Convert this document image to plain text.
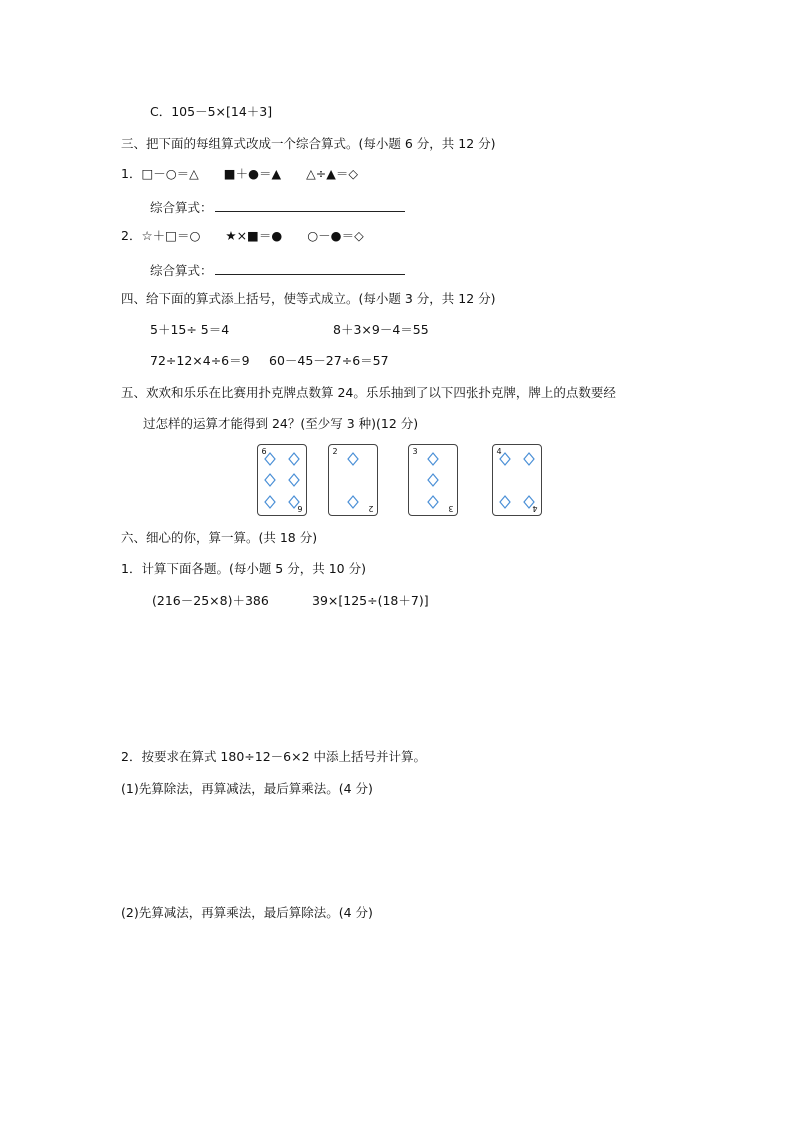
C．105－5×[14＋3]
三、把下面的每组算式改成一个综合算式。(每小题 6 分，共 12 分)
1．□－○＝△　　■＋●＝▲　　△÷▲＝◇
综合算式：
2．☆＋□＝○　　★×■＝●　　○－●＝◇
综合算式：
四、给下面的算式添上括号，使等式成立。(每小题 3 分，共 12 分)
5＋15÷ 5＝4	8＋3×9－4＝55
72÷12×4÷6＝9 60－45－27÷6＝57
五、欢欢和乐乐在比赛用扑克牌点数算 24。乐乐抽到了以下四张扑克牌，牌上的点数要经
过怎样的运算才能得到 24？(至少写 3 种)(12 分)
6
6
2
2
3
3
4
4
六、细心的你，算一算。(共 18 分)
1．计算下面各题。(每小题 5 分，共 10 分)
(216－25×8)＋386	39×[125÷(18＋7)]
2．按要求在算式 180÷12－6×2 中添上括号并计算。
(1)先算除法，再算减法，最后算乘法。(4 分)
(2)先算减法，再算乘法，最后算除法。(4 分)
